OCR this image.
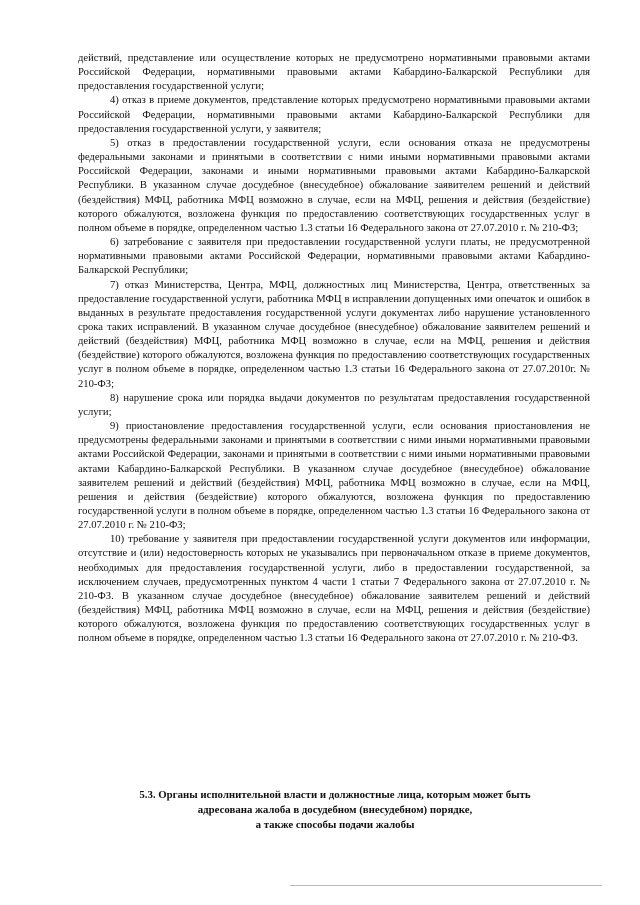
действий, представление или осуществление которых не предусмотрено нормативными правовыми актами Российской Федерации, нормативными правовыми актами Кабардино-Балкарской Республики для предоставления государственной услуги;

4) отказ в приеме документов, представление которых предусмотрено нормативными правовыми актами Российской Федерации, нормативными правовыми актами Кабардино-Балкарской Республики для предоставления государственной услуги, у заявителя;

5) отказ в предоставлении государственной услуги, если основания отказа не предусмотрены федеральными законами и принятыми в соответствии с ними иными нормативными правовыми актами Российской Федерации, законами и иными нормативными правовыми актами Кабардино-Балкарской Республики. В указанном случае досудебное (внесудебное) обжалование заявителем решений и действий (бездействия) МФЦ, работника МФЦ возможно в случае, если на МФЦ, решения и действия (бездействие) которого обжалуются, возложена функция по предоставлению соответствующих государственных услуг в полном объеме в порядке, определенном частью 1.3 статьи 16 Федерального закона от 27.07.2010 г. № 210-ФЗ;

6) затребование с заявителя при предоставлении государственной услуги платы, не предусмотренной нормативными правовыми актами Российской Федерации, нормативными правовыми актами Кабардино-Балкарской Республики;

7) отказ Министерства, Центра, МФЦ, должностных лиц Министерства, Центра, ответственных за предоставление государственной услуги, работника МФЦ в исправлении допущенных ими опечаток и ошибок в выданных в результате предоставления государственной услуги документах либо нарушение установленного срока таких исправлений. В указанном случае досудебное (внесудебное) обжалование заявителем решений и действий (бездействия) МФЦ, работника МФЦ возможно в случае, если на МФЦ, решения и действия (бездействие) которого обжалуются, возложена функция по предоставлению соответствующих государственных услуг в полном объеме в порядке, определенном частью 1.3 статьи 16 Федерального закона от 27.07.2010г. № 210-ФЗ;

8) нарушение срока или порядка выдачи документов по результатам предоставления государственной услуги;

9) приостановление предоставления государственной услуги, если основания приостановления не предусмотрены федеральными законами и принятыми в соответствии с ними иными нормативными правовыми актами Российской Федерации, законами и принятыми в соответствии с ними иными нормативными правовыми актами Кабардино-Балкарской Республики. В указанном случае досудебное (внесудебное) обжалование заявителем решений и действий (бездействия) МФЦ, работника МФЦ возможно в случае, если на МФЦ, решения и действия (бездействие) которого обжалуются, возложена функция по предоставлению государственной услуги в полном объеме в порядке, определенном частью 1.3 статьи 16 Федерального закона от 27.07.2010 г. № 210-ФЗ;

10) требование у заявителя при предоставлении государственной услуги документов или информации, отсутствие и (или) недостоверность которых не указывались при первоначальном отказе в приеме документов, необходимых для предоставления государственной услуги, либо в предоставлении государственной, за исключением случаев, предусмотренных пунктом 4 части 1 статьи 7 Федерального закона от 27.07.2010 г. № 210-ФЗ. В указанном случае досудебное (внесудебное) обжалование заявителем решений и действий (бездействия) МФЦ, работника МФЦ возможно в случае, если на МФЦ, решения и действия (бездействие) которого обжалуются, возложена функция по предоставлению соответствующих государственных услуг в полном объеме в порядке, определенном частью 1.3 статьи 16 Федерального закона от 27.07.2010 г. № 210-ФЗ.

5.3. Органы исполнительной власти и должностные лица, которым может быть
адресована жалоба в досудебном (внесудебном) порядке,
а также способы подачи жалобы
